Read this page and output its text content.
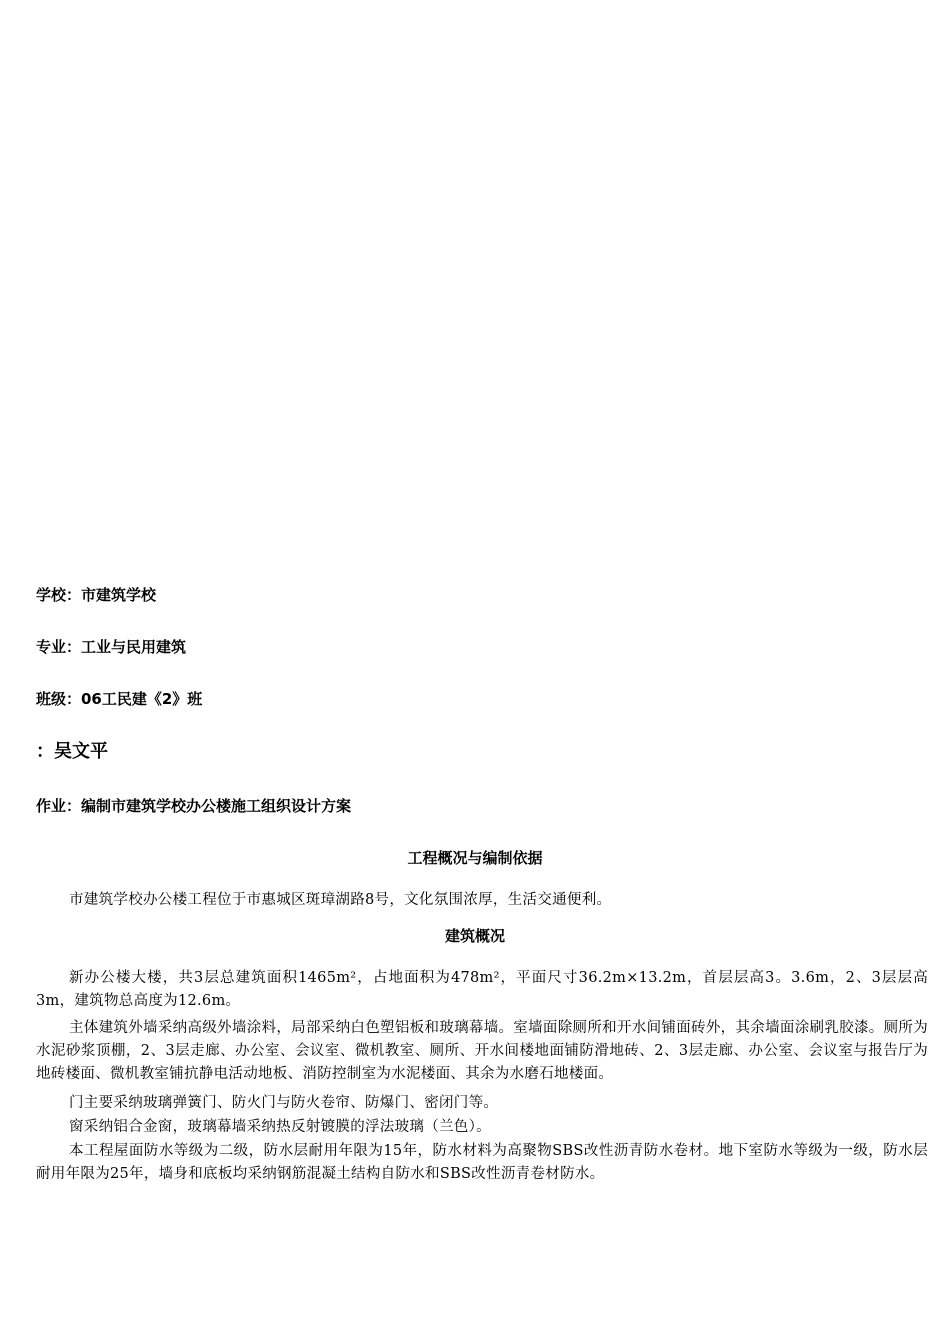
学校：市建筑学校
专业：工业与民用建筑
班级：06工民建《2》班
：吴文平
作业：编制市建筑学校办公楼施工组织设计方案
工程概况与编制依据
市建筑学校办公楼工程位于市惠城区斑璋湖路8号，文化氛围浓厚，生活交通便利。
建筑概况
新办公楼大楼，共3层总建筑面积1465m²，占地面积为478m²，平面尺寸36.2m×13.2m，首层层高3。3.6m，2、3层层高3m，建筑物总高度为12.6m。
主体建筑外墙采纳高级外墙涂料，局部采纳白色塑铝板和玻璃幕墙。室墙面除厕所和开水间铺面砖外，其余墙面涂刷乳胶漆。厕所为水泥砂浆顶棚，2、3层走廊、办公室、会议室、微机教室、厕所、开水间楼地面铺防滑地砖、2、3层走廊、办公室、会议室与报告厅为地砖楼面、微机教室铺抗静电活动地板、消防控制室为水泥楼面、其余为水磨石地楼面。
门主要采纳玻璃弹簧门、防火门与防火卷帘、防爆门、密闭门等。
窗采纳铝合金窗，玻璃幕墙采纳热反射镀膜的浮法玻璃（兰色）。
本工程屋面防水等级为二级，防水层耐用年限为15年，防水材料为高聚物SBS改性沥青防水卷材。地下室防水等级为一级，防水层耐用年限为25年，墙身和底板均采纳钢筋混凝土结构自防水和SBS改性沥青卷材防水。
